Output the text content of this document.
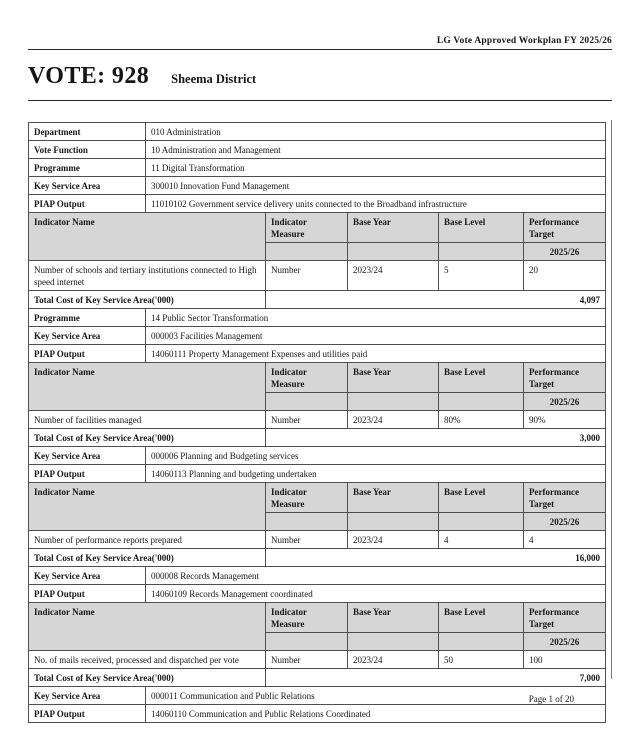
LG Vote Approved Workplan FY 2025/26
VOTE: 928 Sheema District
Department	010 Administration				
Vote Function	10 Administration and Management				
Programme	11 Digital Transformation				
Key Service Area	300010 Innovation Fund Management				
PIAP Output	11010102 Government service delivery units connected to the Broadband infrastructure				
Indicator Name		Indicator Measure	Base Year	Base Level	Performance Target
					2025/26
Number of schools and tertiary institutions connected to High speed internet		Number	2023/24	5	20
Total Cost of Key Service Area('000)		4,097			
Programme	14 Public Sector Transformation				
Key Service Area	000003 Facilities Management				
PIAP Output	14060111 Property Management Expenses and utilities paid				
Indicator Name		Indicator Measure	Base Year	Base Level	Performance Target
					2025/26
Number of facilities managed		Number	2023/24	80%	90%
Total Cost of Key Service Area('000)		3,000			
Key Service Area	000006 Planning and Budgeting services				
PIAP Output	14060113 Planning and budgeting undertaken				
Indicator Name		Indicator Measure	Base Year	Base Level	Performance Target
					2025/26
Number of performance reports prepared		Number	2023/24	4	4
Total Cost of Key Service Area('000)		16,000			
Key Service Area	000008 Records Management				
PIAP Output	14060109 Records Management coordinated				
Indicator Name		Indicator Measure	Base Year	Base Level	Performance Target
					2025/26
No. of mails received, processed and dispatched per vote		Number	2023/24	50	100
Total Cost of Key Service Area('000)		7,000			
Key Service Area	000011 Communication and Public Relations				
PIAP Output	14060110 Communication and Public Relations Coordinated				
Page 1 of 20
